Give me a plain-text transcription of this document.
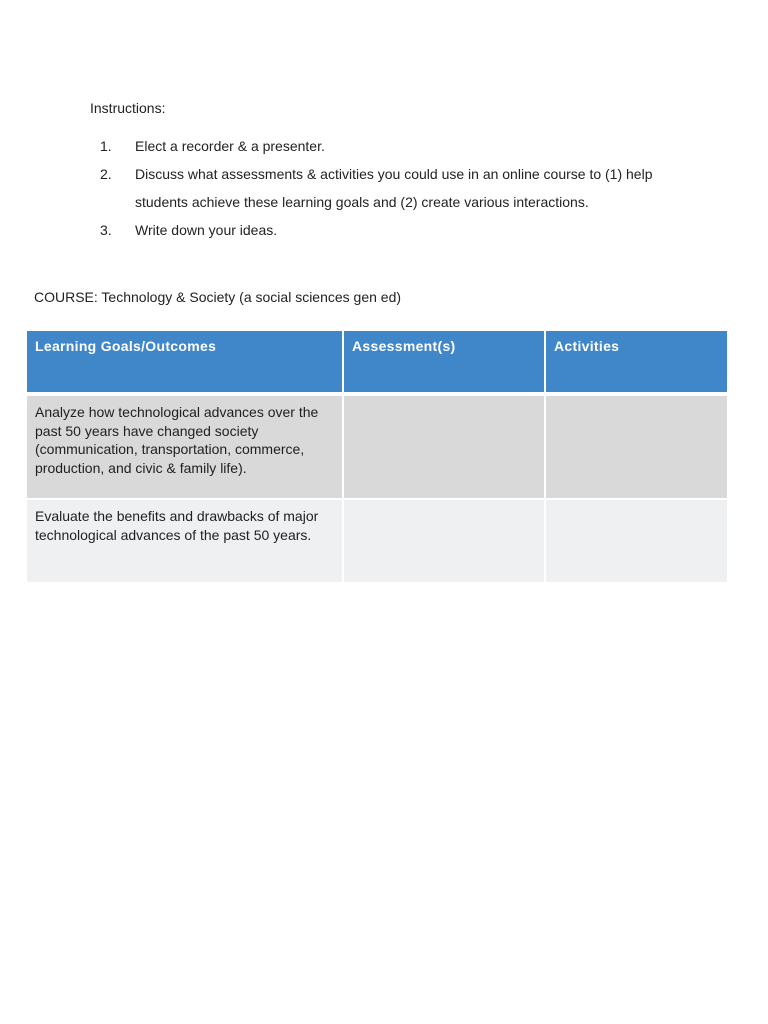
Instructions:
1. Elect a recorder & a presenter.
2. Discuss what assessments & activities you could use in an online course to (1) help students achieve these learning goals and (2) create various interactions.
3. Write down your ideas.
COURSE: Technology & Society (a social sciences gen ed)
Learning Goals/Outcomes	Assessment(s)	Activities
Analyze how technological advances over the past 50 years have changed society (communication, transportation, commerce, production, and civic & family life).		
Evaluate the benefits and drawbacks of major technological advances of the past 50 years.		
